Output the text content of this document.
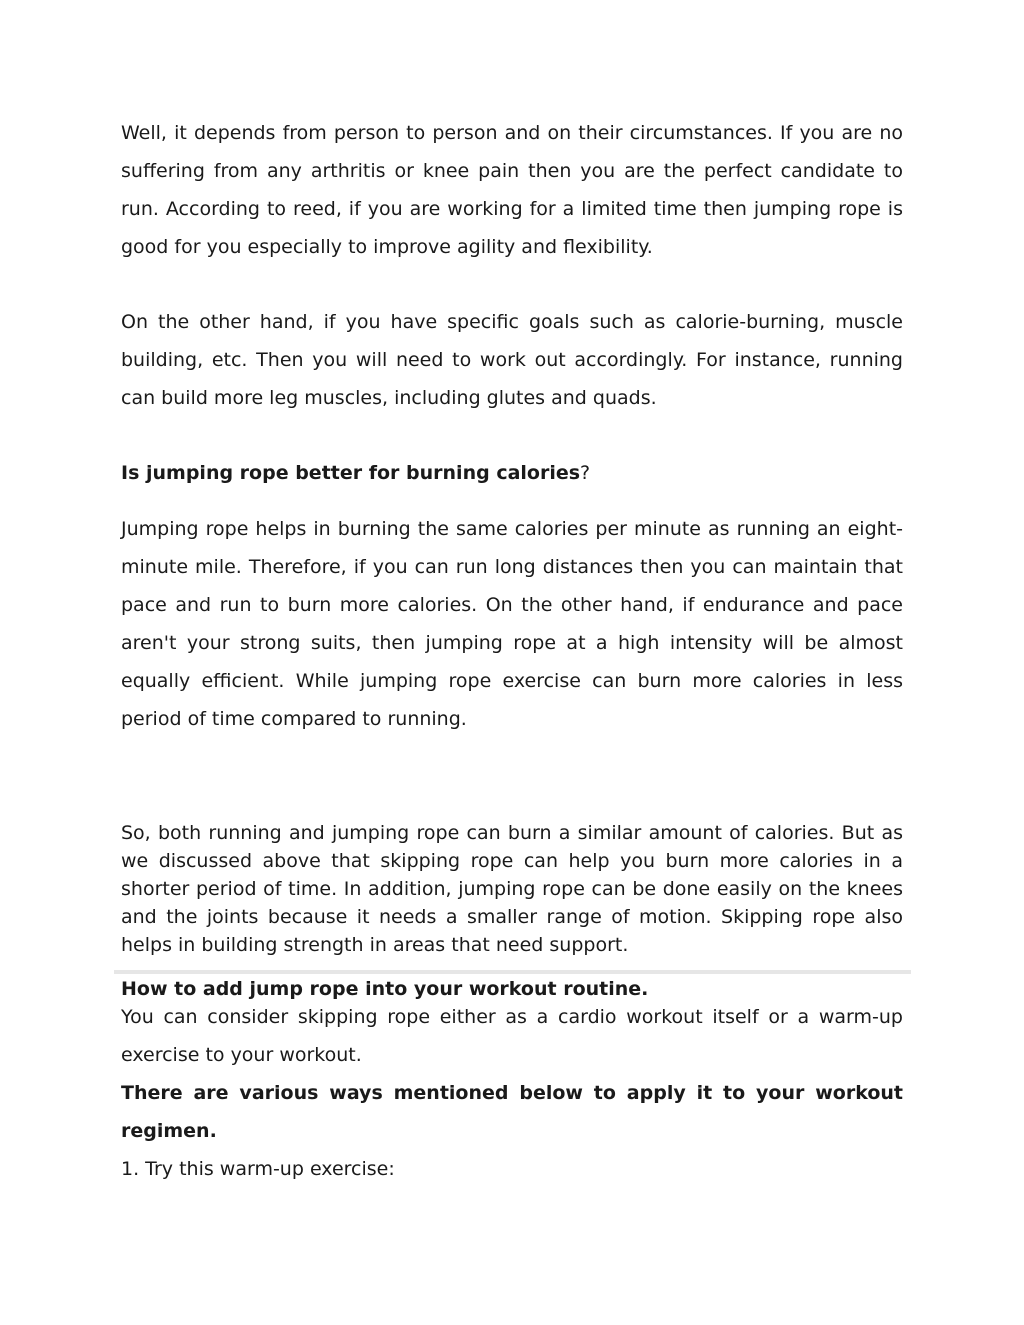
Well, it depends from person to person and on their circumstances. If you are no suffering from any arthritis or knee pain then you are the perfect candidate to run. According to reed, if you are working for a limited time then jumping rope is good for you especially to improve agility and flexibility.

On the other hand, if you have specific goals such as calorie-burning, muscle building, etc. Then you will need to work out accordingly. For instance, running can build more leg muscles, including glutes and quads.

Is jumping rope better for burning calories?

Jumping rope helps in burning the same calories per minute as running an eight-minute mile. Therefore, if you can run long distances then you can maintain that pace and run to burn more calories. On the other hand, if endurance and pace aren't your strong suits, then jumping rope at a high intensity will be almost equally efficient. While jumping rope exercise can burn more calories in less period of time compared to running.

So, both running and jumping rope can burn a similar amount of calories. But as we discussed above that skipping rope can help you burn more calories in a shorter period of time. In addition, jumping rope can be done easily on the knees and the joints because it needs a smaller range of motion. Skipping rope also helps in building strength in areas that need support.

How to add jump rope into your workout routine.

You can consider skipping rope either as a cardio workout itself or a warm-up exercise to your workout.

There are various ways mentioned below to apply it to your workout regimen.

1. Try this warm-up exercise:
